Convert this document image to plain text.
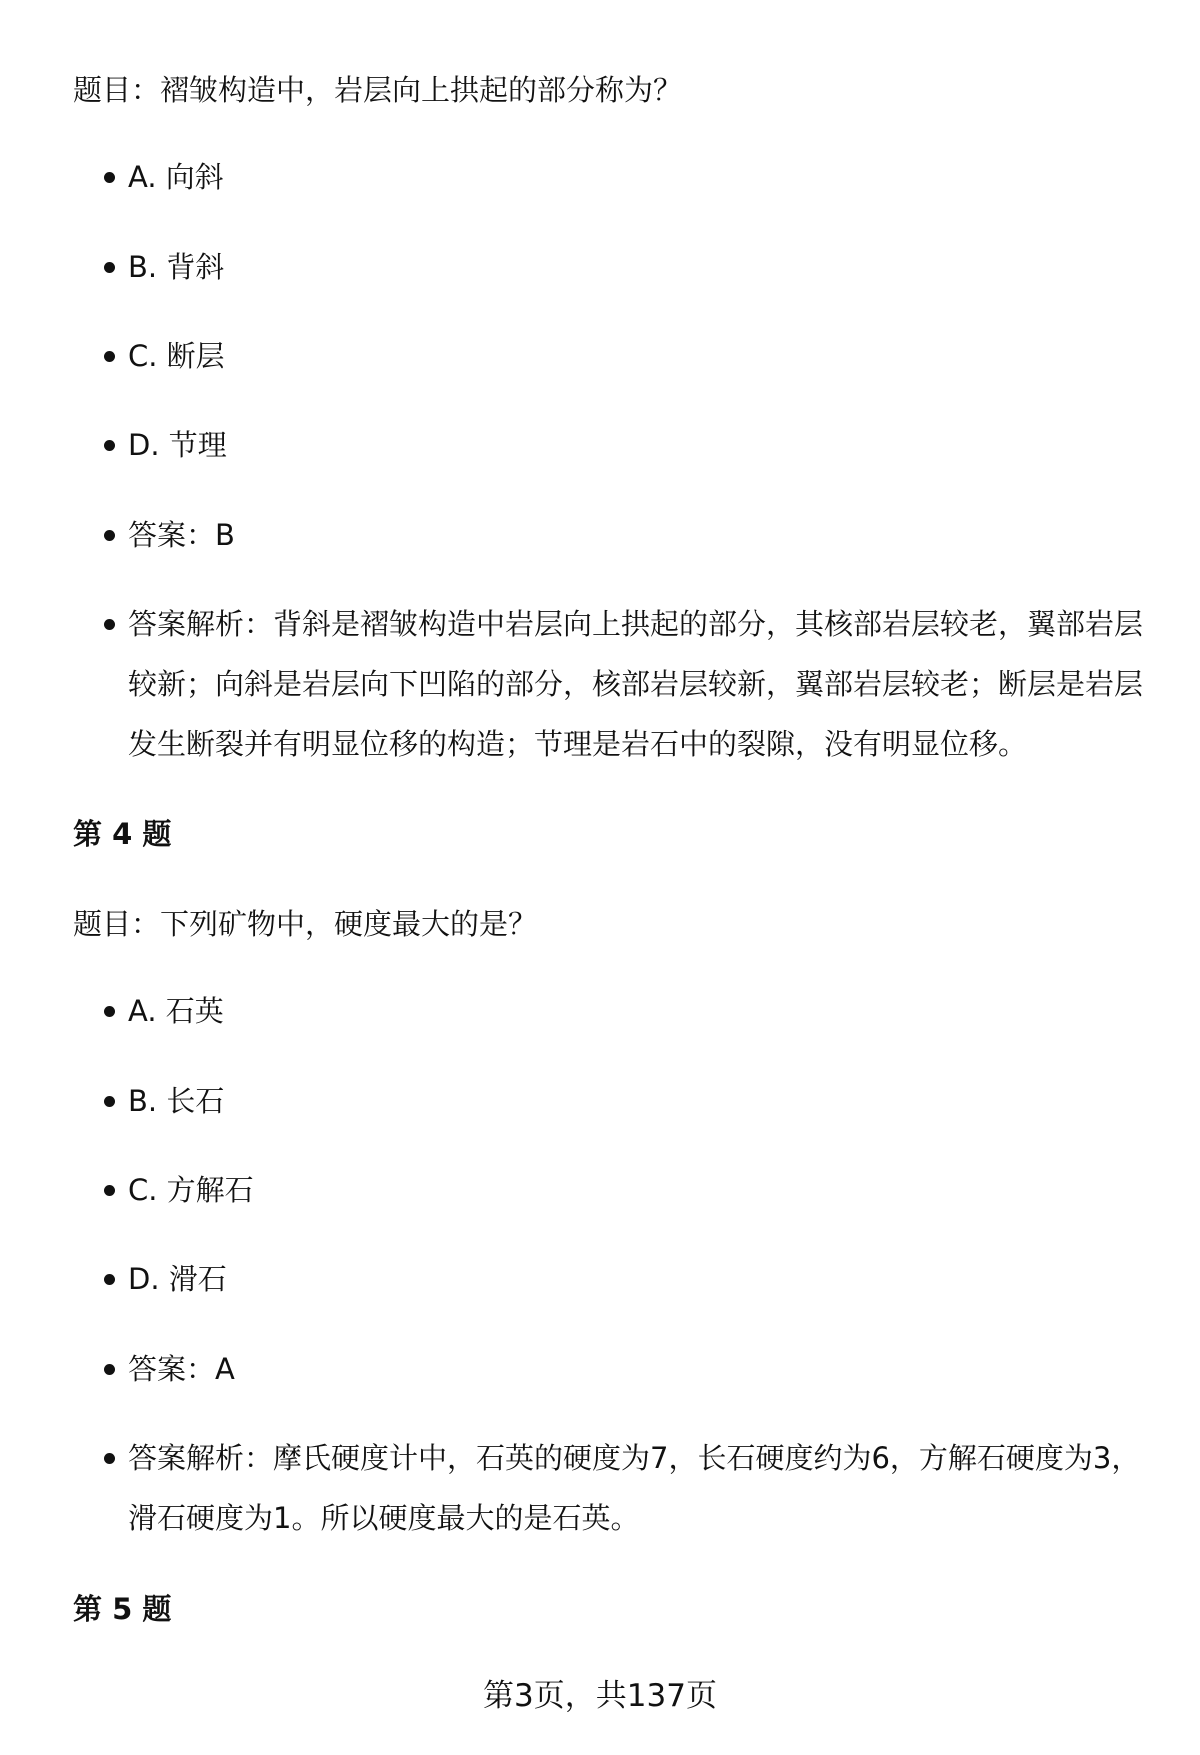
题目：褶皱构造中，岩层向上拱起的部分称为？
A. 向斜
B. 背斜
C. 断层
D. 节理
答案：B
答案解析：背斜是褶皱构造中岩层向上拱起的部分，其核部岩层较老，翼部岩层较新；向斜是岩层向下凹陷的部分，核部岩层较新，翼部岩层较老；断层是岩层发生断裂并有明显位移的构造；节理是岩石中的裂隙，没有明显位移。
第 4 题
题目：下列矿物中，硬度最大的是？
A. 石英
B. 长石
C. 方解石
D. 滑石
答案：A
答案解析：摩氏硬度计中，石英的硬度为7，长石硬度约为6，方解石硬度为3，滑石硬度为1。所以硬度最大的是石英。
第 5 题
第3页，共137页
